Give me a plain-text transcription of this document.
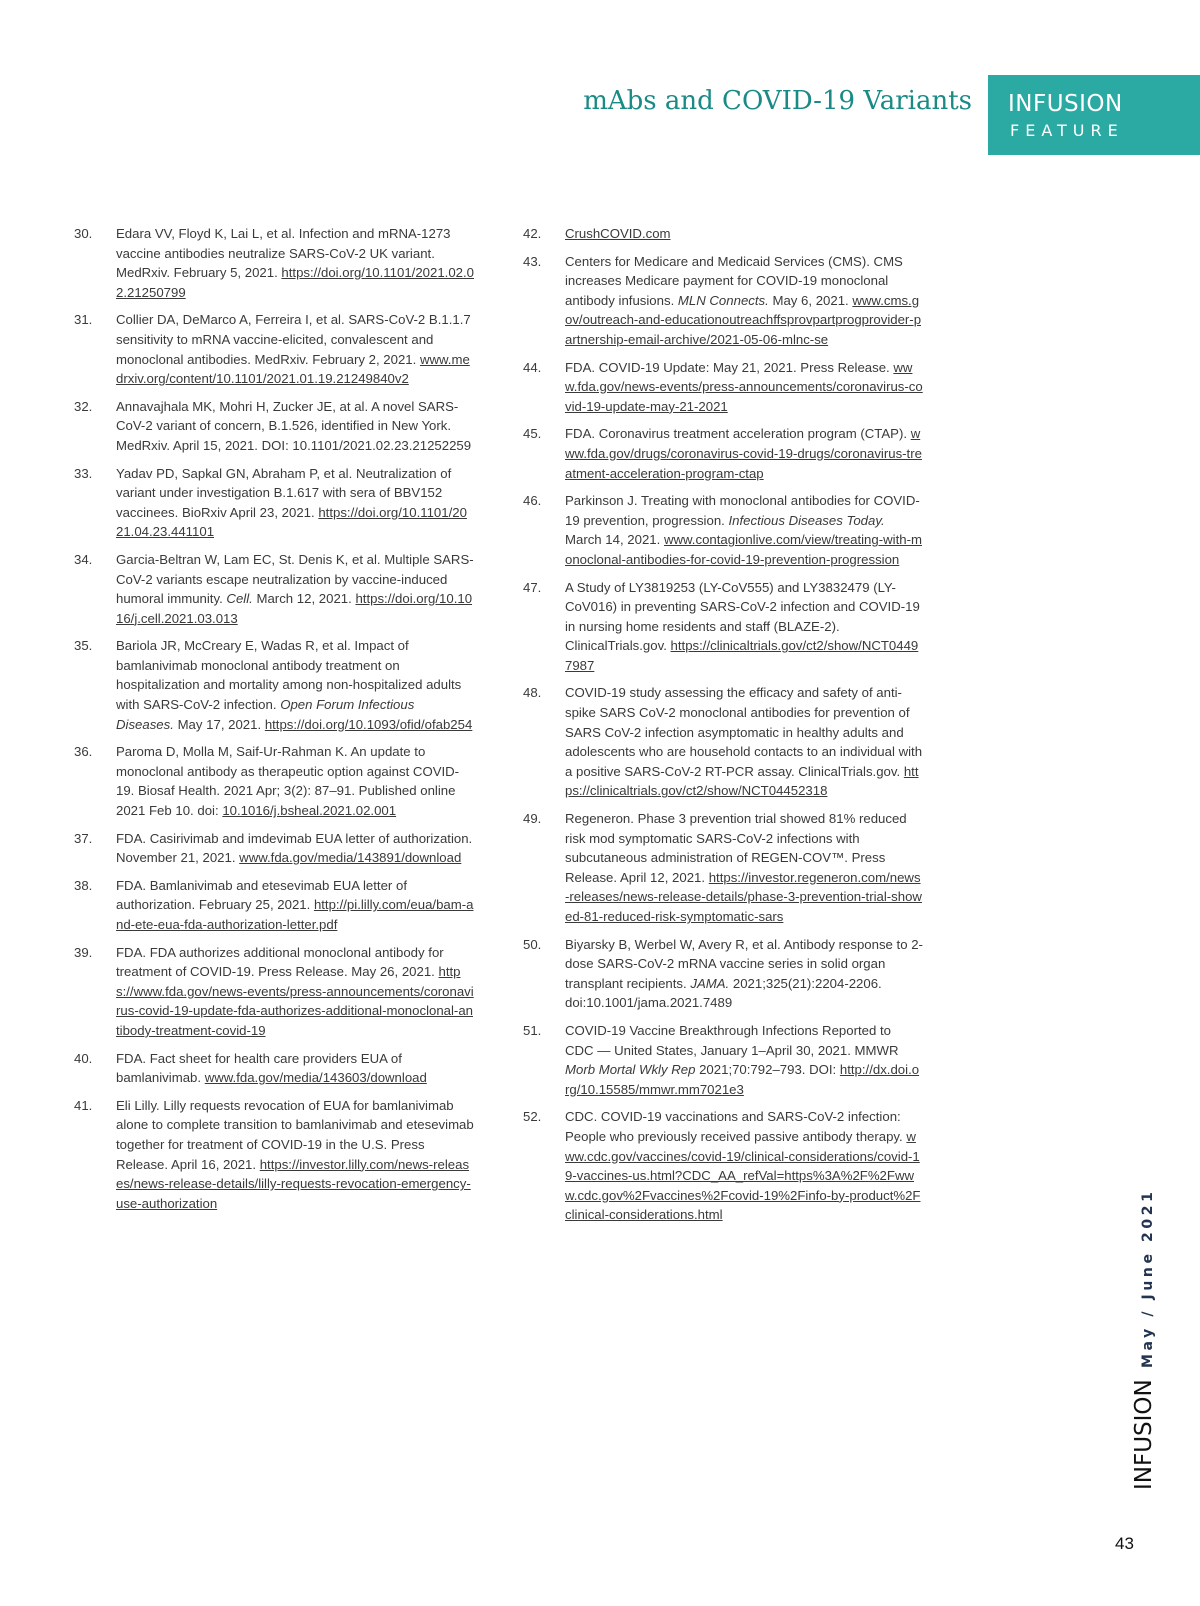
mAbs and COVID-19 Variants INFUSION
FEATURE
30.	Edara VV, Floyd K, Lai L, et al. Infection and mRNA-1273 vaccine antibodies neutralize SARS-CoV-2 UK variant. MedRxiv. February 5, 2021. https://doi.org/10.1101/2021.02.02.21250799
31.	Collier DA, DeMarco A, Ferreira I, et al. SARS-CoV-2 B.1.1.7 sensitivity to mRNA vaccine-elicited, convalescent and monoclonal antibodies. MedRxiv. February 2, 2021. www.medrxiv.org/content/10.1101/2021.01.19.21249840v2
32.	Annavajhala MK, Mohri H, Zucker JE, at al. A novel SARS-CoV-2 variant of concern, B.1.526, identified in New York. MedRxiv. April 15, 2021. DOI: 10.1101/2021.02.23.21252259
33.	Yadav PD, Sapkal GN, Abraham P, et al. Neutralization of variant under investigation B.1.617 with sera of BBV152 vaccinees. BioRxiv April 23, 2021. https://doi.org/10.1101/2021.04.23.441101
34.	Garcia-Beltran W, Lam EC, St. Denis K, et al. Multiple SARS-CoV-2 variants escape neutralization by vaccine-induced humoral immunity. Cell. March 12, 2021. https://doi.org/10.1016/j.cell.2021.03.013
35.	Bariola JR, McCreary E, Wadas R, et al. Impact of bamlanivimab monoclonal antibody treatment on hospitalization and mortality among non-hospitalized adults with SARS-CoV-2 infection. Open Forum Infectious Diseases. May 17, 2021. https://doi.org/10.1093/ofid/ofab254
36.	Paroma D, Molla M, Saif-Ur-Rahman K. An update to monoclonal antibody as therapeutic option against COVID-19. Biosaf Health. 2021 Apr; 3(2): 87–91. Published online 2021 Feb 10. doi: 10.1016/j.bsheal.2021.02.001
37.	FDA. Casirivimab and imdevimab EUA letter of authorization. November 21, 2021. www.fda.gov/media/143891/download
38.	FDA. Bamlanivimab and etesevimab EUA letter of authorization. February 25, 2021. http://pi.lilly.com/eua/bam-and-ete-eua-fda-authorization-letter.pdf
39.	FDA. FDA authorizes additional monoclonal antibody for treatment of COVID-19. Press Release. May 26, 2021. https://www.fda.gov/news-events/press-announcements/coronavirus-covid-19-update-fda-authorizes-additional-monoclonal-antibody-treatment-covid-19
40.	FDA. Fact sheet for health care providers EUA of bamlanivimab. www.fda.gov/media/143603/download
41.	Eli Lilly. Lilly requests revocation of EUA for bamlanivimab alone to complete transition to bamlanivimab and etesevimab together for treatment of COVID-19 in the U.S. Press Release. April 16, 2021. https://investor.lilly.com/news-releases/news-release-details/lilly-requests-revocation-emergency-use-authorization
42.	CrushCOVID.com
43.	Centers for Medicare and Medicaid Services (CMS). CMS increases Medicare payment for COVID-19 monoclonal antibody infusions. MLN Connects. May 6, 2021. www.cms.gov/outreach-and-educationoutreachffsprovpartprogprovider-partnership-email-archive/2021-05-06-mlnc-se
44.	FDA. COVID-19 Update: May 21, 2021. Press Release. www.fda.gov/news-events/press-announcements/coronavirus-covid-19-update-may-21-2021
45.	FDA. Coronavirus treatment acceleration program (CTAP). www.fda.gov/drugs/coronavirus-covid-19-drugs/coronavirus-treatment-acceleration-program-ctap
46.	Parkinson J. Treating with monoclonal antibodies for COVID-19 prevention, progression. Infectious Diseases Today. March 14, 2021. www.contagionlive.com/view/treating-with-monoclonal-antibodies-for-covid-19-prevention-progression
47.	A Study of LY3819253 (LY-CoV555) and LY3832479 (LY-CoV016) in preventing SARS-CoV-2 infection and COVID-19 in nursing home residents and staff (BLAZE-2). ClinicalTrials.gov. https://clinicaltrials.gov/ct2/show/NCT04497987
48.	COVID-19 study assessing the efficacy and safety of anti-spike SARS CoV-2 monoclonal antibodies for prevention of SARS CoV-2 infection asymptomatic in healthy adults and adolescents who are household contacts to an individual with a positive SARS-CoV-2 RT-PCR assay. ClinicalTrials.gov. https://clinicaltrials.gov/ct2/show/NCT04452318
49.	Regeneron. Phase 3 prevention trial showed 81% reduced risk mod symptomatic SARS-CoV-2 infections with subcutaneous administration of REGEN-COV™. Press Release. April 12, 2021. https://investor.regeneron.com/news-releases/news-release-details/phase-3-prevention-trial-showed-81-reduced-risk-symptomatic-sars
50.	Biyarsky B, Werbel W, Avery R, et al. Antibody response to 2-dose SARS-CoV-2 mRNA vaccine series in solid organ transplant recipients. JAMA. 2021;325(21):2204-2206. doi:10.1001/jama.2021.7489
51.	COVID-19 Vaccine Breakthrough Infections Reported to CDC — United States, January 1–April 30, 2021. MMWR Morb Mortal Wkly Rep 2021;70:792–793. DOI: http://dx.doi.org/10.15585/mmwr.mm7021e3
52.	CDC. COVID-19 vaccinations and SARS-CoV-2 infection: People who previously received passive antibody therapy. www.cdc.gov/vaccines/covid-19/clinical-considerations/covid-19-vaccines-us.html?CDC_AA_refVal=https%3A%2F%2Fwww.cdc.gov%2Fvaccines%2Fcovid-19%2Finfo-by-product%2Fclinical-considerations.html	May / June 2021
INFUSION
43
